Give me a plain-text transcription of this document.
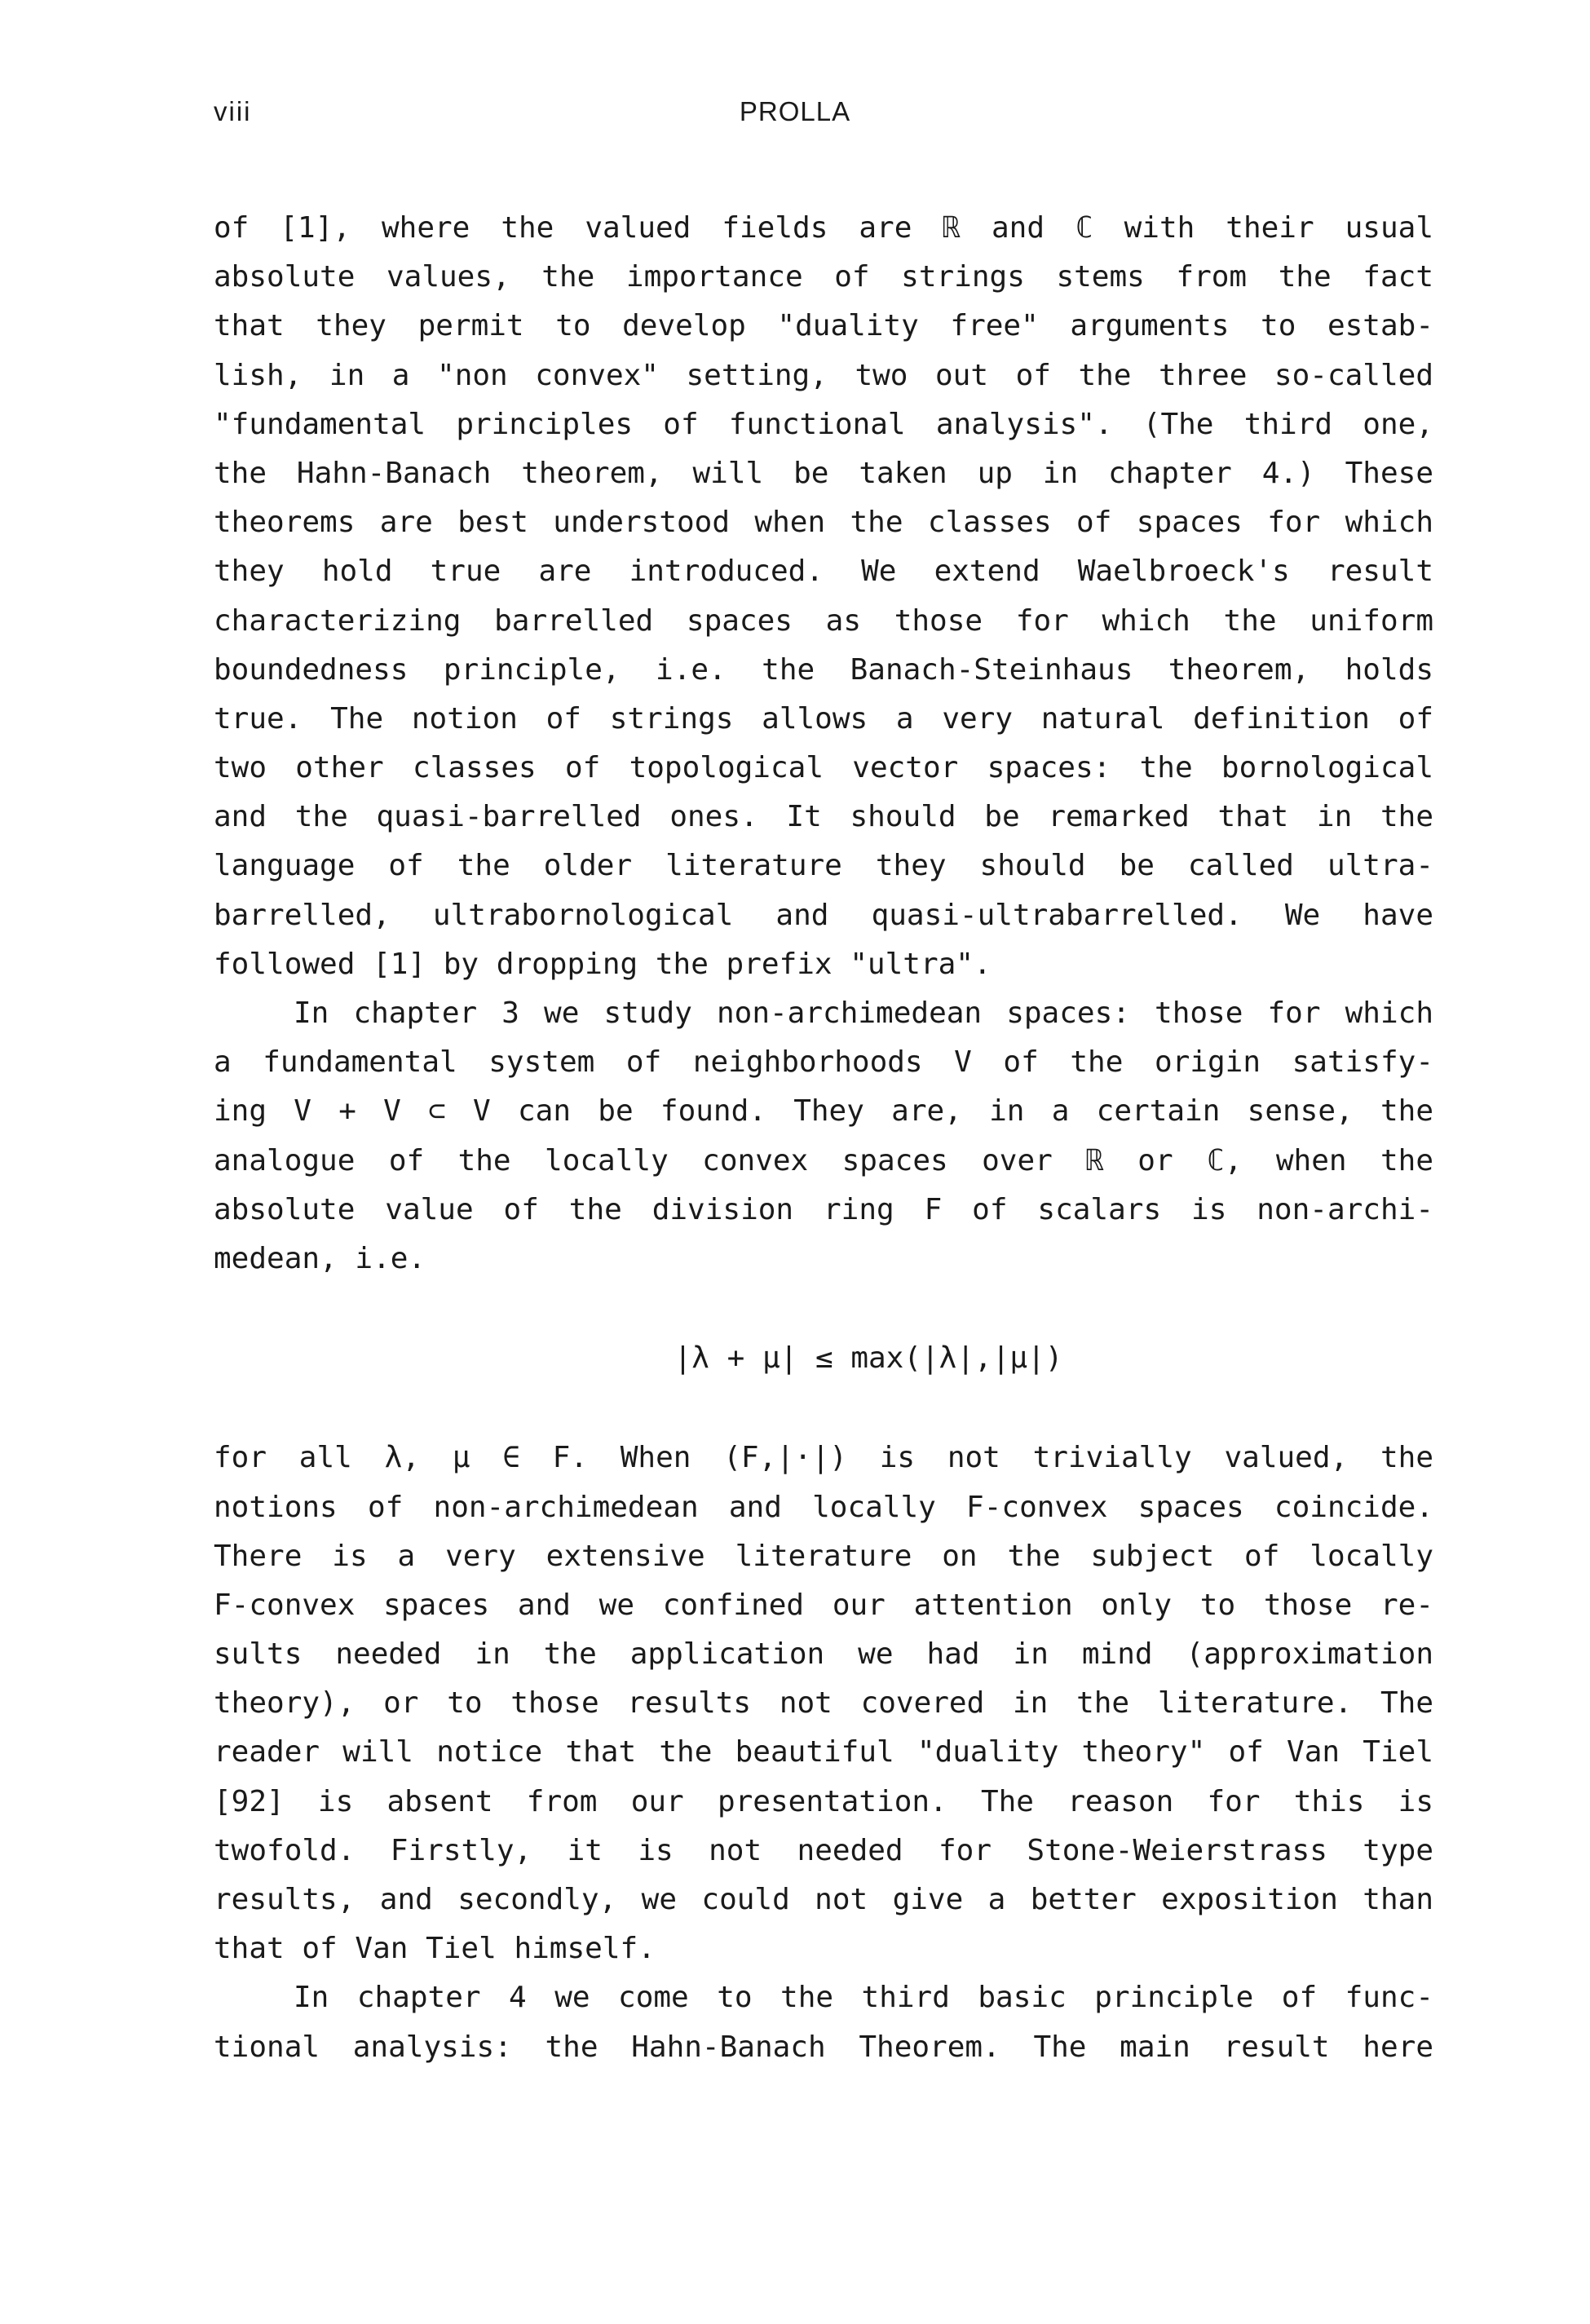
viii	PROLLA
of [1], where the valued fields are ℝ and ℂ with their usual
absolute values, the importance of strings stems from the fact
that they permit to develop "duality free" arguments to estab-
lish, in a "non convex" setting, two out of the three so-called
"fundamental principles of functional analysis". (The third one,
the Hahn-Banach theorem, will be taken up in chapter 4.) These
theorems are best understood when the classes of spaces for which
they hold true are introduced. We extend Waelbroeck's result
characterizing barrelled spaces as those for which the uniform
boundedness principle, i.e. the Banach-Steinhaus theorem, holds
true. The notion of strings allows a very natural definition of
two other classes of topological vector spaces: the bornological
and the quasi-barrelled ones. It should be remarked that in the
language of the older literature they should be called ultra-
barrelled, ultrabornological and quasi-ultrabarrelled. We have
followed [1] by dropping the prefix "ultra".
In chapter 3 we study non-archimedean spaces: those for which
a fundamental system of neighborhoods V of the origin satisfy-
ing V + V ⊂ V can be found. They are, in a certain sense, the
analogue of the locally convex spaces over ℝ or ℂ, when the
absolute value of the division ring F of scalars is non-archi-
medean, i.e.
|λ + μ| ≤ max(|λ|,|μ|)
for all λ, μ ∈ F. When (F,|·|) is not trivially valued, the
notions of non-archimedean and locally F-convex spaces coincide.
There is a very extensive literature on the subject of locally
F-convex spaces and we confined our attention only to those re-
sults needed in the application we had in mind (approximation
theory), or to those results not covered in the literature. The
reader will notice that the beautiful "duality theory" of Van Tiel
[92] is absent from our presentation. The reason for this is
twofold. Firstly, it is not needed for Stone-Weierstrass type
results, and secondly, we could not give a better exposition than
that of Van Tiel himself.
In chapter 4 we come to the third basic principle of func-
tional analysis: the Hahn-Banach Theorem. The main result here
